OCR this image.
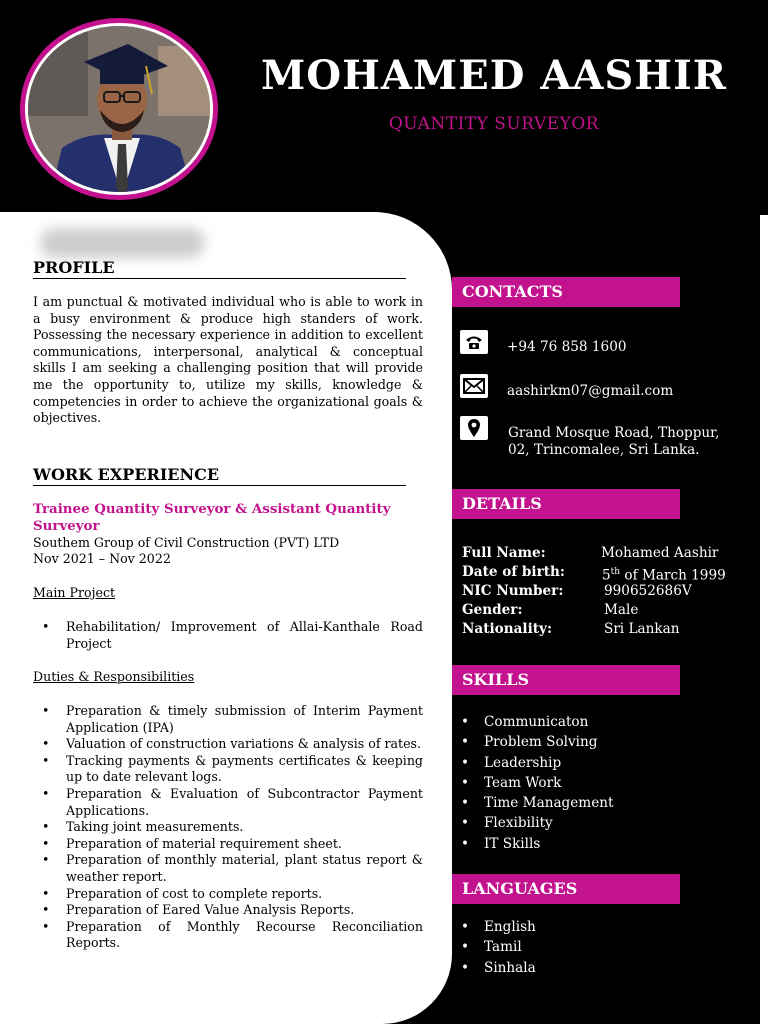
MOHAMED AASHIR
QUANTITY SURVEYOR
PROFILE
I am punctual & motivated individual who is able to work in a busy environment & produce high standers of work. Possessing the necessary experience in addition to excellent communications, interpersonal, analytical & conceptual skills I am seeking a challenging position that will provide me the opportunity to, utilize my skills, knowledge & competencies in order to achieve the organizational goals & objectives.
WORK EXPERIENCE
Trainee Quantity Surveyor & Assistant Quantity Surveyor
Southem Group of Civil Construction (PVT) LTD
Nov 2021 – Nov 2022
Main Project
• Rehabilitation/ Improvement of Allai-Kanthale Road Project
Duties & Responsibilities
• Preparation & timely submission of Interim Payment Application (IPA)
• Valuation of construction variations & analysis of rates.
• Tracking payments & payments certificates & keeping up to date relevant logs.
• Preparation & Evaluation of Subcontractor Payment Applications.
• Taking joint measurements.
• Preparation of material requirement sheet.
• Preparation of monthly material, plant status report & weather report.
• Preparation of cost to complete reports.
• Preparation of Eared Value Analysis Reports.
• Preparation of Monthly Recourse Reconciliation Reports.
CONTACTS
+94 76 858 1600
aashirkm07@gmail.com
Grand Mosque Road, Thoppur,
02, Trincomalee, Sri Lanka.
DETAILS
Full Name:	Mohamed Aashir
Date of birth:	5th of March 1999
NIC Number:	990652686V
Gender:	Male
Nationality:	Sri Lankan
SKILLS
• Communicaton
• Problem Solving
• Leadership
• Team Work
• Time Management
• Flexibility
• IT Skills
LANGUAGES
• English
• Tamil
• Sinhala
